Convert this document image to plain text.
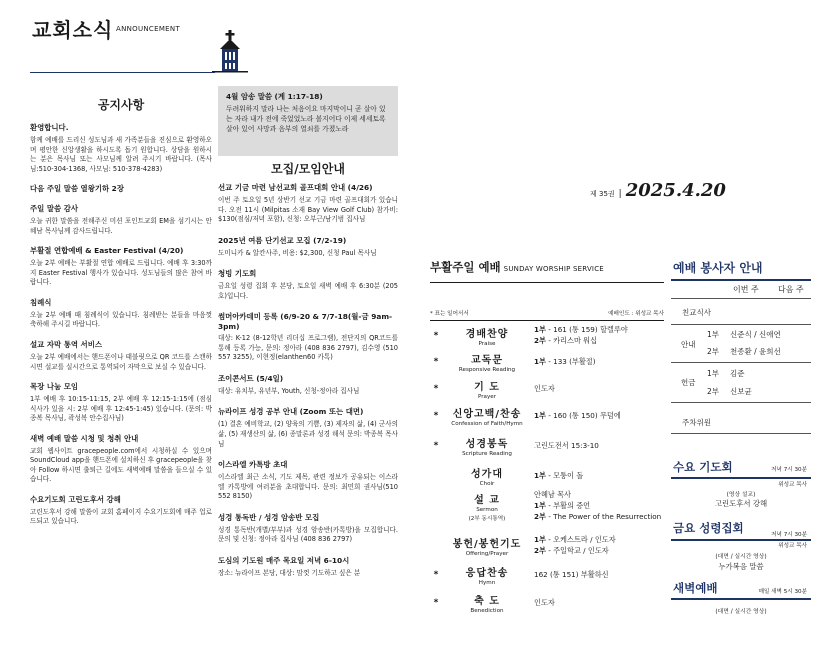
교회소식 ANNOUNCEMENT
공지사항
환영합니다.
함께 예배를 드리신 성도님과 새 가족분들을 진심으로 환영하오며 평안한 신앙생활을 하시도록 돕기 원합니다. 상담을 원하시는 분은 목사님 또는 사모님께 알려 주시기 바랍니다. (목사님:510-304-1368, 사모님: 510-378-4283)
다음 주일 말씀 열왕기하 2장
주일 말씀 감사
오늘 귀한 말씀을 전해주신 미션 포인트교회 EM을 섬기시는 안혜남 목사님께 감사드립니다.
부활절 연합예배 & Easter Festival (4/20)
오늘 2부 예배는 부활절 연합 예배로 드립니다. 예배 후 3:30까지 Easter Festival 행사가 있습니다. 성도님들의 많은 참여 바랍니다.
침례식
오늘 2부 예배 때 침례식이 있습니다. 침례받는 분들을 마음껏 축하해 주시길 바랍니다.
설교 자막 통역 서비스
오늘 2부 예배에서는 핸드폰이나 태블릿으로 QR 코드를 스캔하시면 설교를 실시간으로 통역되어 자막으로 보실 수 있습니다.
목장 나눔 모임
1부 예배 후 10:15-11:15, 2부 예배 후 12:15-1:15에 (점심 식사가 있을 시: 2부 예배 후 12:45-1:45) 있습니다. (문의: 박종복 목사님, 곽성복 안수집사님)
새벽 예배 말씀 시청 및 청취 안내
교회 웹사이트 gracepeople.com에서 시청하실 수 있으며 SoundCloud app을 핸드폰에 설치하신 후 gracepeople을 찾아 Follow 하시면 출퇴근 길에도 새벽예배 말씀을 들으실 수 있습니다.
수요기도회 고린도후서 강해
고린도후서 강해 말씀이 교회 홈페이지 수요기도회에 매주 업로드되고 있습니다.
4월 암송 말씀 (계 1:17-18)
두려워하지 말라 나는 처음이요 마지막이니 곧 살아 있는 자라 내가 전에 죽었었노라 볼지어다 이제 세세토록 살아 있어 사망과 음부의 열쇠를 가졌노라
모집/모임안내
선교 기금 마련 남선교회 골프대회 안내 (4/26)
이번 주 토요일 5년 상반기 선교 기금 마련 골프대회가 있습니다. 오전 11시 (Milpitas 소재 Bay View Golf Club) 참가비: $130(점심/저녁 포함), 신청: 오부근/남기범 집사님
2025년 여름 단기선교 모집 (7/2-19)
도미니카 & 알칸사주, 비용: $2,300, 신청 Paul 목사님
청빙 기도회
금요일 성령 집회 후 본당, 토요일 새벽 예배 후 6:30분 (205호)입니다.
썸머아카데미 등록 (6/9-20 & 7/7-18(월-금 9am-3pm)
대상: K-12 (8-12학년 리더십 프로그램), 전단지의 QR코드를 통해 등록 가능, 문의: 정아라 (408 836 2797), 김수영 (510 557 3255), 이현정(elanthen60 카톡)
조이콘서트 (5/4일)
대상: 유치부, 유년부, Youth, 신청-정아라 집사님
뉴라이프 성경 공부 안내 (Zoom 또는 대면)
(1) 결혼 예비학교, (2) 양육의 기쁨, (3) 제자의 삶, (4) 군사의 삶, (5) 재생산의 삶, (6) 종말론과 성경 해석 문의: 박종복 목사님
이스라엘 카톡방 초대
이스라엘 최근 소식, 기도 제목, 관련 정보가 공유되는 이스라엘 카톡방에 여러분을 초대합니다. 문의: 최민희 권사님(510 552 8150)
성경 통독반 / 성경 암송반 모집
성경 통독반(개별/부부)과 성경 암송반(카톡방)을 모집합니다. 문의 및 신청: 정아라 집사님 (408 836 2797)
도심의 기도원 매주 목요일 저녁 6-10시
장소: 뉴라이프 본당, 대상: 맘껏 기도하고 싶은 분
제 35권 | 2025.4.20
부활주일 예배 SUNDAY WORSHIP SERVICE
* 표는 일어서서	예배인도 : 위성교 목사
*	경배찬양
Praise
1부 - 161 (통 159) 할렐루야
2부 - 카리스마 워십
*	교독문
Responsive Reading
1부 - 133 (부활절)
*	기 도
Prayer
인도자
*	신앙고백/찬송
Confession of Faith/Hymn
1부 - 160 (통 150) 무덤에
*	성경봉독
Scripture Reading
고린도전서 15:3-10
성가대
Choir
1부 - 모퉁이 돌
설 교
Sermon
(2부 동시통역)
안혜남 목사
1부 - 부활의 증언
2부 - The Power of the Resurrection
봉헌/봉헌기도
Offering/Prayer
1부 - 오케스트라 / 인도자
2부 - 주일학교 / 인도자
*	응답찬송
Hymn
162 (통 151) 부활하신
*	축 도
Benediction
인도자
예배 봉사자 안내
이번 주 다음 주
친교식사
안내
1부 신준식 / 신애연
2부 천종환 / 윤희선
헌금
1부 김준
2부 신보균
주차위원
수요 기도회	저녁 7시 30분
위성교 목사
(영상 설교)
고린도후서 강해
금요 성령집회	저녁 7시 30분
위성교 목사
(대면 / 실시간 영상)
누가복음 말씀
새벽예배	매일 새벽 5시 30분
(대면 / 실시간 영상)
